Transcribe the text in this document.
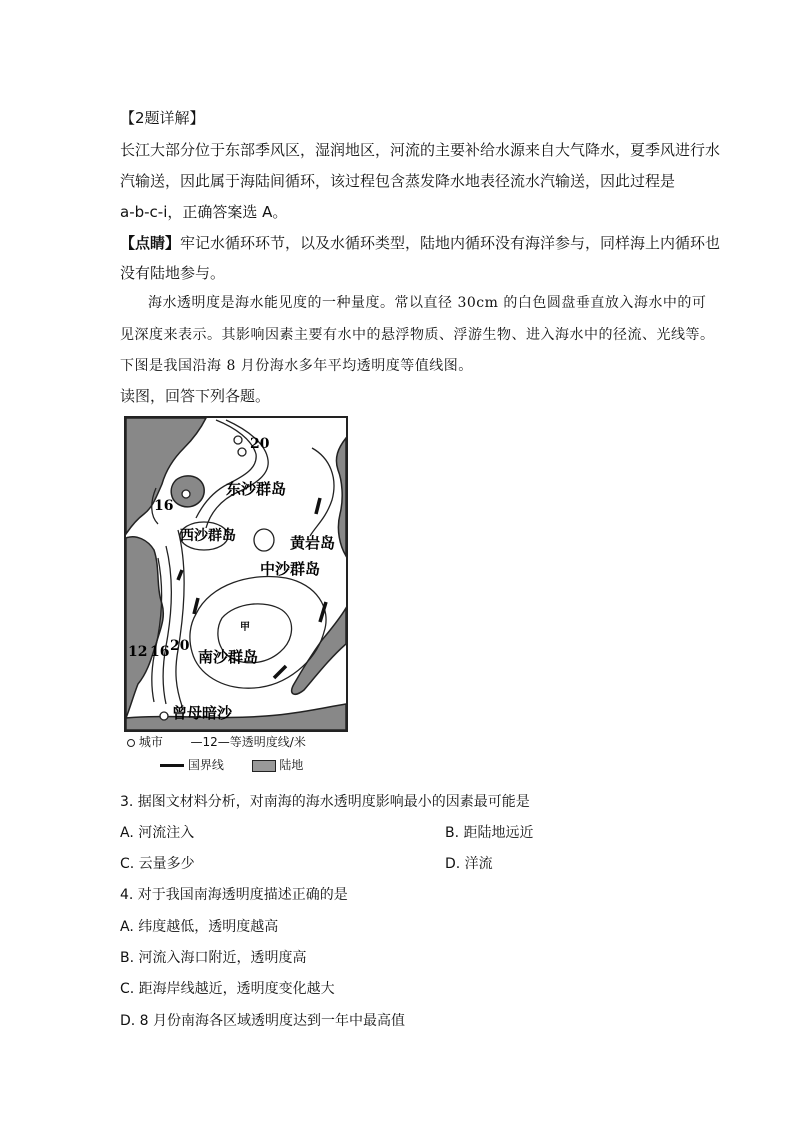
【2题详解】
长江大部分位于东部季风区，湿润地区，河流的主要补给水源来自大气降水，夏季风进行水
汽输送，因此属于海陆间循环，该过程包含蒸发降水地表径流水汽输送，因此过程是
a-b-c-i，正确答案选 A。
【点睛】牢记水循环环节，以及水循环类型，陆地内循环没有海洋参与，同样海上内循环也
没有陆地参与。
海水透明度是海水能见度的一种量度。常以直径 30cm 的白色圆盘垂直放入海水中的可
见深度来表示。其影响因素主要有水中的悬浮物质、浮游生物、进入海水中的径流、光线等。
下图是我国沿海 8 月份海水多年平均透明度等值线图。
读图，回答下列各题。
20
16
东沙群岛
西沙群岛	黄岩岛
中沙群岛
甲
南沙群岛
12 16 20
曾母暗沙
城市 —12—等透明度线/米
国界线	陆地
3. 据图文材料分析，对南海的海水透明度影响最小的因素最可能是
A. 河流注入	B. 距陆地远近
C. 云量多少	D. 洋流
4. 对于我国南海透明度描述正确的是
A. 纬度越低，透明度越高
B. 河流入海口附近，透明度高
C. 距海岸线越近，透明度变化越大
D. 8 月份南海各区域透明度达到一年中最高值
